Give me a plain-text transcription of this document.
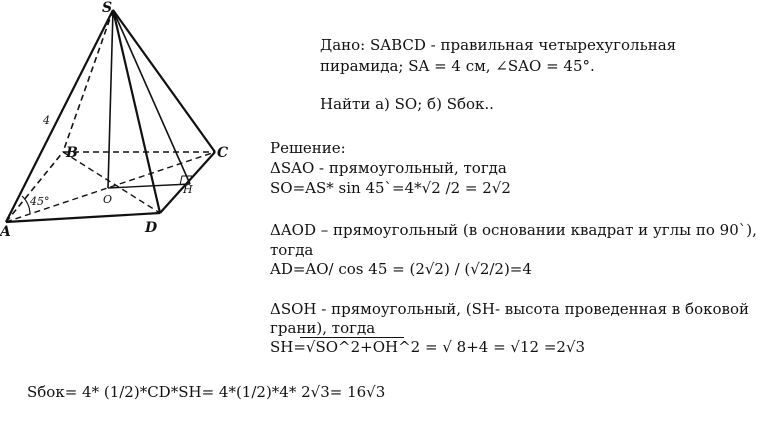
S
A
B	C
D
O
H
45°
4
Дано: SABCD - правильная четырехугольная
пирамида; SA = 4 см, ∠SAO = 45°.
Найти а) SO; б) Sбок..
Решение:
ΔSAO - прямоугольный, тогда
SO=AS* sin 45`=4*√2 /2 = 2√2
ΔAOD – прямоугольный (в основании квадрат и углы по 90`),
тогда
AD=AO/ cos 45 = (2√2) / (√2/2)=4
ΔSOH - прямоугольный, (SH- высота проведенная в боковой
грани), тогда
SH=√SO^2+OH^2 = √ 8+4 = √12 =2√3
Sбок= 4* (1/2)*CD*SH= 4*(1/2)*4* 2√3= 16√3
